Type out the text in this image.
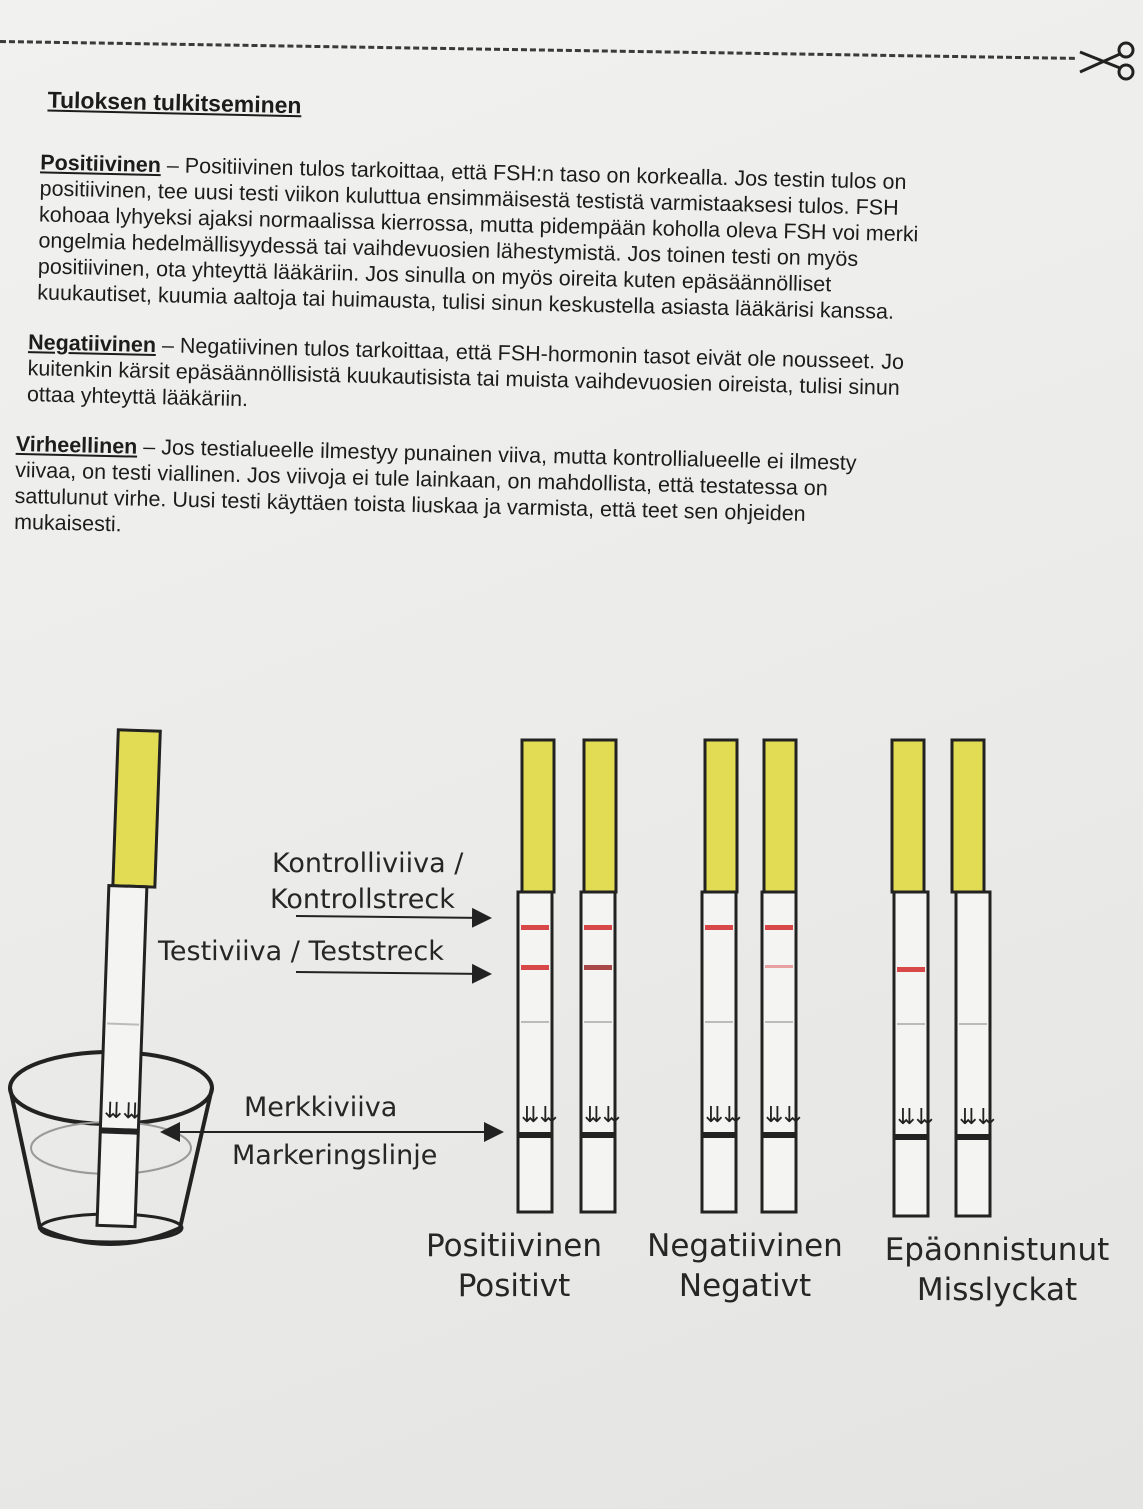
Tuloksen tulkitseminen

Positiivinen – Positiivinen tulos tarkoittaa, että FSH:n taso on korkealla. Jos testin tulos on
positiivinen, tee uusi testi viikon kuluttua ensimmäisestä testistä varmistaaksesi tulos. FSH
kohoaa lyhyeksi ajaksi normaalissa kierrossa, mutta pidempään koholla oleva FSH voi merki
ongelmia hedelmällisyydessä tai vaihdevuosien lähestymistä. Jos toinen testi on myös
positiivinen, ota yhteyttä lääkäriin. Jos sinulla on myös oireita kuten epäsäännölliset
kuukautiset, kuumia aaltoja tai huimausta, tulisi sinun keskustella asiasta lääkärisi kanssa.

Negatiivinen – Negatiivinen tulos tarkoittaa, että FSH-hormonin tasot eivät ole nousseet. Jo
kuitenkin kärsit epäsäännöllisistä kuukautisista tai muista vaihdevuosien oireista, tulisi sinun
ottaa yhteyttä lääkäriin.

Virheellinen – Jos testialueelle ilmestyy punainen viiva, mutta kontrollialueelle ei ilmesty
viivaa, on testi viallinen. Jos viivoja ei tule lainkaan, on mahdollista, että testatessa on
sattulunut virhe. Uusi testi käyttäen toista liuskaa ja varmista, että teet sen ohjeiden
mukaisesti.

⇊⇊
Kontrolliviiva /
Kontrollstreck
Testiviiva / Teststreck
Merkkiviiva
Markeringslinje
⇊⇊ ⇊⇊	⇊⇊ ⇊⇊	⇊⇊ ⇊⇊
Positiivinen
Positivt
Negatiivinen
Negativt
Epäonnistunut
Misslyckat
